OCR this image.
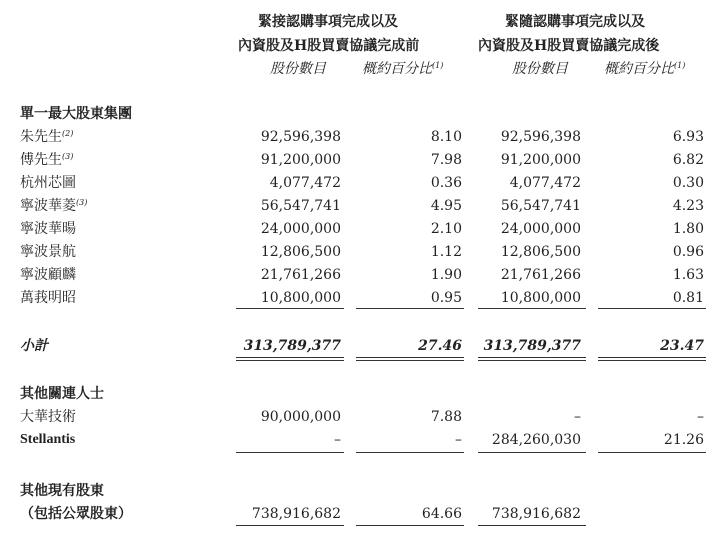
緊接認購事項完成以及
內資股及H股買賣協議完成前
緊隨認購事項完成以及
內資股及H股買賣協議完成後
股份數目	概約百分比$^{(1)}$	股份數目	概約百分比$^{(1)}$
單一最大股東集團
朱先生$^{(2)}$	92,596,398	8.10	92,596,398	6.93
傅先生$^{(3)}$	91,200,000	7.98	91,200,000	6.82
杭州芯圖	4,077,472	0.36	4,077,472	0.30
寧波華菱$^{(3)}$	56,547,741	4.95	56,547,741	4.23
寧波華暘	24,000,000	2.10	24,000,000	1.80
寧波景航	12,806,500	1.12	12,806,500	0.96
寧波顧麟	21,761,266	1.90	21,761,266	1.63
萬莪明昭	10,800,000	0.95	10,800,000	0.81
小計	313,789,377	27.46 313,789,377	23.47
其他關連人士
大華技術	90,000,000	7.88	–	–
Stellantis	–	– 284,260,030	21.26
其他現有股東
（包括公眾股東）	738,916,682	64.66 738,916,682
